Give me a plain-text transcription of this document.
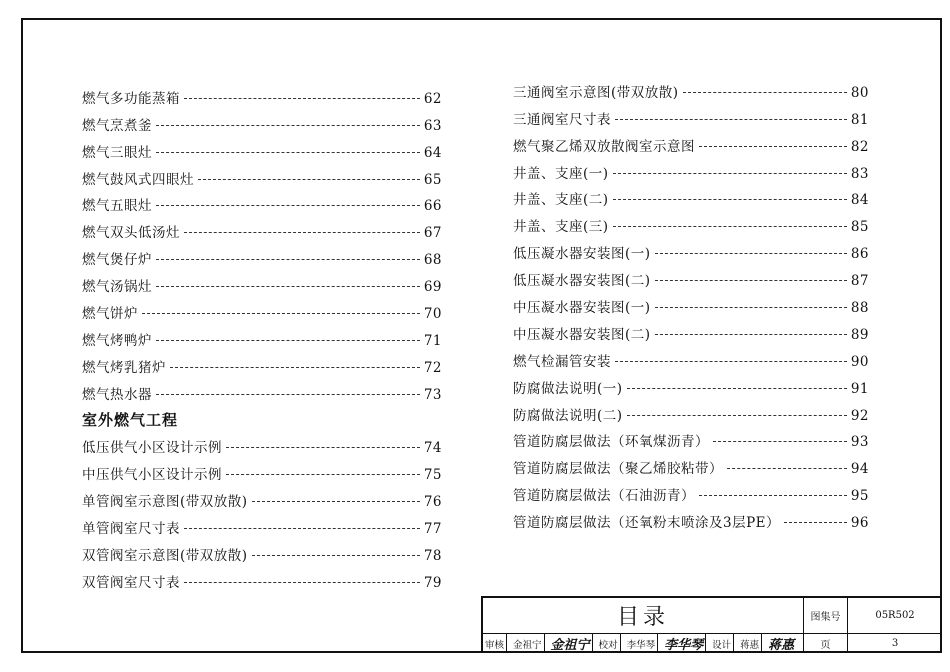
燃气多功能蒸箱	62
燃气烹煮釜	63
燃气三眼灶	64
燃气鼓风式四眼灶	65
燃气五眼灶	66
燃气双头低汤灶	67
燃气煲仔炉	68
燃气汤锅灶	69
燃气饼炉	70
燃气烤鸭炉	71
燃气烤乳猪炉	72
燃气热水器	73
室外燃气工程
低压供气小区设计示例	74
中压供气小区设计示例	75
单管阀室示意图(带双放散)	76
单管阀室尺寸表	77
双管阀室示意图(带双放散)	78
双管阀室尺寸表	79
三通阀室示意图(带双放散)	80
三通阀室尺寸表	81
燃气聚乙烯双放散阀室示意图	82
井盖、支座(一)	83
井盖、支座(二)	84
井盖、支座(三)	85
低压凝水器安装图(一)	86
低压凝水器安装图(二)	87
中压凝水器安装图(一)	88
中压凝水器安装图(二)	89
燃气检漏管安装	90
防腐做法说明(一)	91
防腐做法说明(二)	92
管道防腐层做法（环氧煤沥青）	93
管道防腐层做法（聚乙烯胶粘带）	94
管道防腐层做法（石油沥青）	95
管道防腐层做法（还氧粉末喷涂及3层PE）	96
目录	图集号	05R502
页	3
审核 金祖宁 金祖宁 校对 李华琴 李华琴 设计 蒋惠 蒋惠
